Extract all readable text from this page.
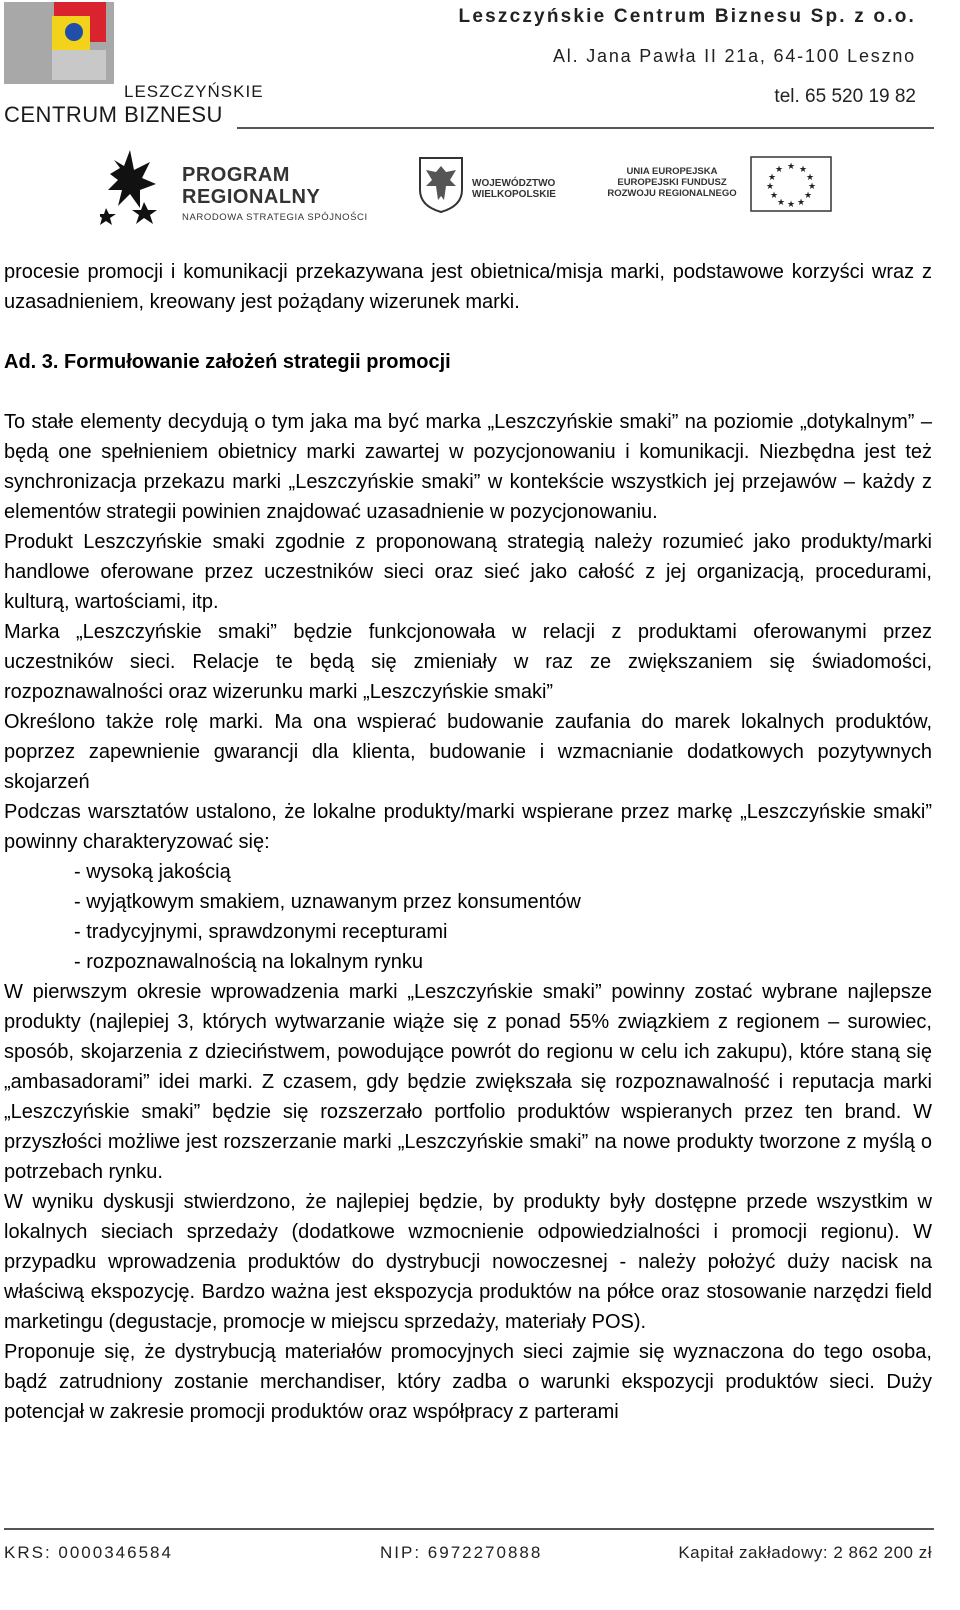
LESZCZYŃSKIE
CENTRUM BIZNESU
Leszczyńskie Centrum Biznesu Sp. z o.o.
Al. Jana Pawła II 21a, 64-100 Leszno
tel. 65 520 19 82
PROGRAM
REGIONALNY
NARODOWA STRATEGIA SPÓJNOŚCI
WOJEWÓDZTWO
WIELKOPOLSKIE
UNIA EUROPEJSKA
EUROPEJSKI FUNDUSZ
ROZWOJU REGIONALNEGO
★ ★
★
★
★
★
★
★
★
★
★
★

procesie promocji i komunikacji przekazywana jest obietnica/misja marki, podstawowe korzyści wraz z uzasadnieniem, kreowany jest pożądany wizerunek marki.

Ad. 3. Formułowanie założeń strategii promocji

To stałe elementy decydują o tym jaka ma być marka „Leszczyńskie smaki” na poziomie „dotykalnym” – będą one spełnieniem obietnicy marki zawartej w pozycjonowaniu i komunikacji. Niezbędna jest też synchronizacja przekazu marki „Leszczyńskie smaki” w kontekście wszystkich jej przejawów – każdy z elementów strategii powinien znajdować uzasadnienie w pozycjonowaniu.

Produkt Leszczyńskie smaki zgodnie z proponowaną strategią należy rozumieć jako produkty/marki handlowe oferowane przez uczestników sieci oraz sieć jako całość z jej organizacją, procedurami, kulturą, wartościami, itp.

Marka „Leszczyńskie smaki” będzie funkcjonowała w relacji z produktami oferowanymi przez uczestników sieci. Relacje te będą się zmieniały w raz ze zwiększaniem się świadomości, rozpoznawalności oraz wizerunku marki „Leszczyńskie smaki”

Określono także rolę marki. Ma ona wspierać budowanie zaufania do marek lokalnych produktów, poprzez zapewnienie gwarancji dla klienta, budowanie i wzmacnianie dodatkowych pozytywnych skojarzeń

Podczas warsztatów ustalono, że lokalne produkty/marki wspierane przez markę „Leszczyńskie smaki” powinny charakteryzować się:

- wysoką jakością
- wyjątkowym smakiem, uznawanym przez konsumentów
- tradycyjnymi, sprawdzonymi recepturami
- rozpoznawalnością na lokalnym rynku

W pierwszym okresie wprowadzenia marki „Leszczyńskie smaki” powinny zostać wybrane najlepsze produkty (najlepiej 3, których wytwarzanie wiąże się z ponad 55% związkiem z regionem – surowiec, sposób, skojarzenia z dzieciństwem, powodujące powrót do regionu w celu ich zakupu), które staną się „ambasadorami” idei marki. Z czasem, gdy będzie zwiększała się rozpoznawalność i reputacja marki „Leszczyńskie smaki” będzie się rozszerzało portfolio produktów wspieranych przez ten brand. W przyszłości możliwe jest rozszerzanie marki „Leszczyńskie smaki” na nowe produkty tworzone z myślą o potrzebach rynku.

W wyniku dyskusji stwierdzono, że najlepiej będzie, by produkty były dostępne przede wszystkim w lokalnych sieciach sprzedaży (dodatkowe wzmocnienie odpowiedzialności i promocji regionu). W przypadku wprowadzenia produktów do dystrybucji nowoczesnej - należy położyć duży nacisk na właściwą ekspozycję. Bardzo ważna jest ekspozycja produktów na półce oraz stosowanie narzędzi field marketingu (degustacje, promocje w miejscu sprzedaży, materiały POS).

Proponuje się, że dystrybucją materiałów promocyjnych sieci zajmie się wyznaczona do tego osoba, bądź zatrudniony zostanie merchandiser, który zadba o warunki ekspozycji produktów sieci. Duży potencjał w zakresie promocji produktów oraz współpracy z parterami

KRS: 0000346584	NIP: 6972270888	Kapitał zakładowy: 2 862 200 zł
